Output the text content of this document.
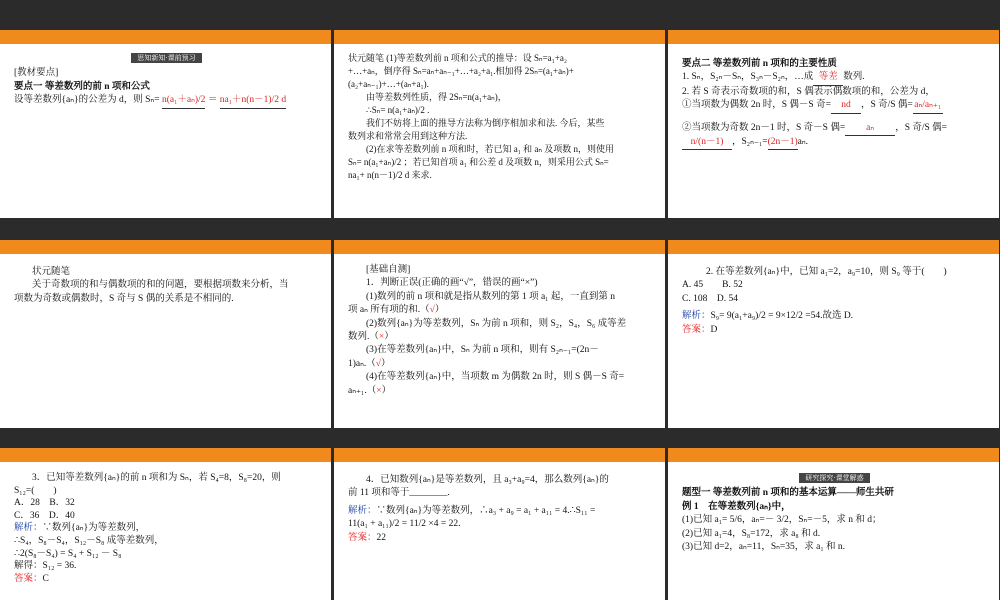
思知新知·课前预习
[教材要点]
要点一 等差数列的前 n 项和公式
设等差数列{aₙ}的公差为 d，则 Sₙ= n(a₁＋aₙ)/2 ＝ na₁＋n(n－1)/2 d
状元随笔 (1)等差数列前 n 项和公式的推导：设 Sₙ=a₁+a₂
+…+aₙ，倒序得 Sₙ=aₙ+aₙ₋₁+…+a₂+a₁.相加得 2Sₙ=(a₁+aₙ)+
(a₂+aₙ₋₁)+…+(aₙ+a₁).
由等差数列性质，得 2Sₙ=n(a₁+aₙ)，
∴Sₙ= n(a₁+aₙ)/2 .
我们不妨将上面的推导方法称为倒序相加求和法. 今后，某些
数列求和常常会用到这种方法.
(2)在求等差数列前 n 项和时，若已知 a₁ 和 aₙ 及项数 n，则使用
Sₙ= n(a₁+aₙ)/2 ；若已知首项 a₁ 和公差 d 及项数 n，则采用公式 Sₙ=
na₁+ n(n－1)/2 d 来求.
要点二 等差数列前 n 项和的主要性质
1. Sₙ，S₂ₙ－Sₙ，S₃ₙ－S₂ₙ，…成 等差 数列.
2. 若 S 奇表示奇数项的和，S 偶表示偶数项的和，公差为 d，
①当项数为偶数 2n 时，S 偶－S 奇= nd ，S 奇/S 偶= aₙ/aₙ₊₁
②当项数为奇数 2n－1 时，S 奇－S 偶= aₙ ，S 奇/S 偶=
n/(n－1) ，S₂ₙ₋₁=(2n－1)aₙ.
状元随笔
关于奇数项的和与偶数项的和的问题，要根据项数来分析，当
项数为奇数或偶数时，S 奇与 S 偶的关系是不相同的.
[基础自测]
1．判断正误(正确的画“√”，错误的画“×”)
(1)数列的前 n 项和就是指从数列的第 1 项 a₁ 起，一直到第 n
项 aₙ 所有项的和.（√）
(2)数列{aₙ}为等差数列，Sₙ 为前 n 项和，则 S₂，S₄，S₆ 成等差
数列.（×）
(3)在等差数列{aₙ}中，Sₙ 为前 n 项和，则有 S₂ₙ₋₁=(2n－
1)aₙ.（√）
(4)在等差数列{aₙ}中，当项数 m 为偶数 2n 时，则 S 偶－S 奇=
aₙ₊₁.（×）
2. 在等差数列{aₙ}中，已知 a₁=2，a₉=10，则 S₉ 等于(　　)
A. 45　　B. 52
C. 108　D. 54
解析：S₉= 9(a₁+a₉)/2 = 9×12/2 =54.故选 D.
答案：D
3．已知等差数列{aₙ}的前 n 项和为 Sₙ，若 S₄=8，S₈=20，则
S₁₂=(　　)
A．28　B．32
C．36　D．40
解析：∵数列{aₙ}为等差数列，
∴S₄，S₈－S₄，S₁₂－S₈ 成等差数列，
∴2(S₈－S₄) = S₄ + S₁₂ － S₈
解得：S₁₂ = 36.
答案：C
4．已知数列{aₙ}是等差数列，且 a₃+a₉=4，那么数列{aₙ}的
前 11 项和等于________.
解析：∵数列{aₙ}为等差数列，∴a₃ + a₉ = a₁ + a₁₁ = 4.∴S₁₁ =
11(a₁ + a₁₁)/2 = 11/2 ×4 = 22.
答案：22
研究探究·课堂解惑
题型一 等差数列前 n 项和的基本运算——师生共研
例 1　在等差数列{aₙ}中，
(1)已知 a₁= 5/6，aₙ=－ 3/2，Sₙ=－5，求 n 和 d；
(2)已知 a₁=4，S₈=172，求 a₈ 和 d.
(3)已知 d=2，aₙ=11，Sₙ=35，求 a₁ 和 n.
